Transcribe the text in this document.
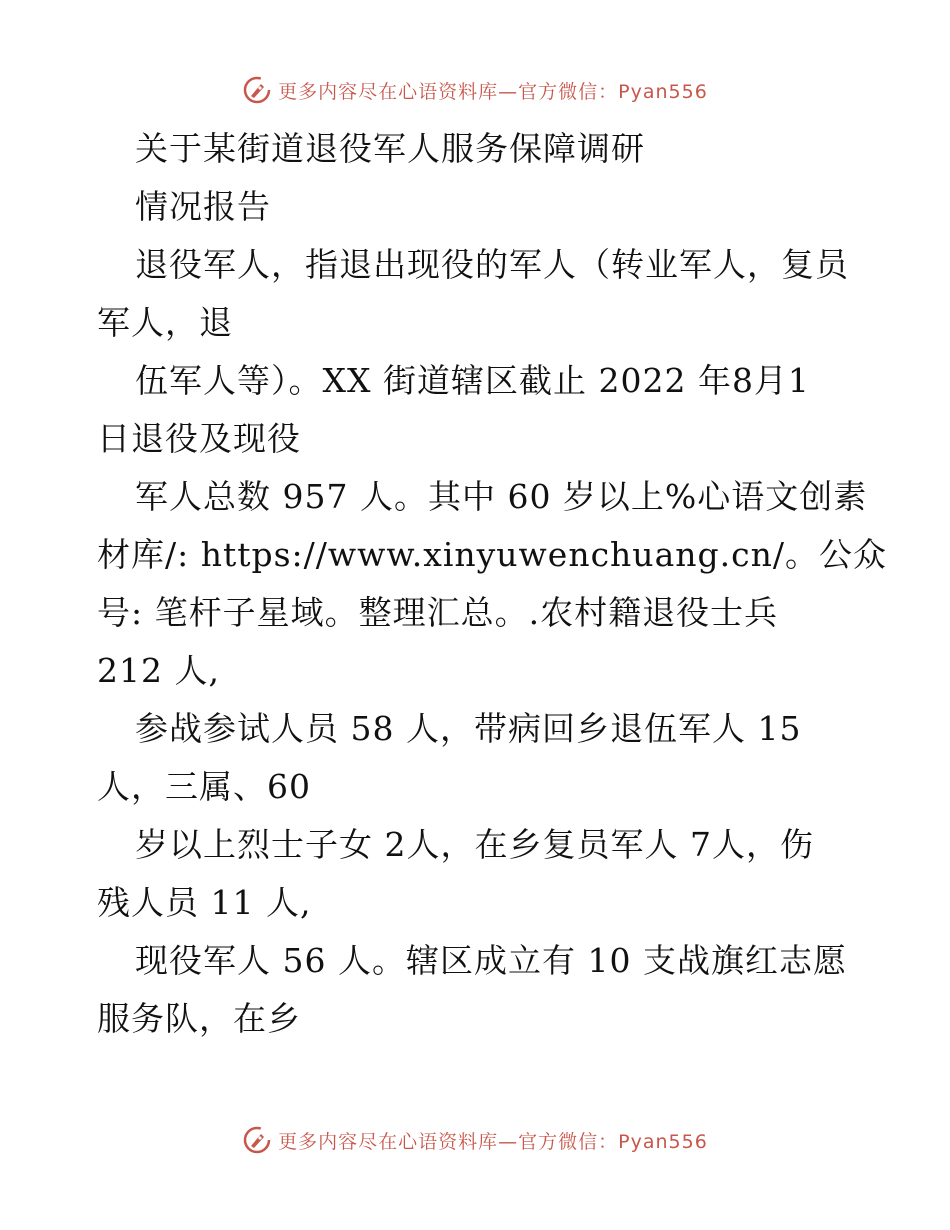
更多内容尽在心语资料库—官方微信：Pyan556
关于某街道退役军人服务保障调研
情况报告
退役军人，指退出现役的军人（转业军人，复员
军人，退
伍军人等）。XX 街道辖区截止 2022 年8月1
日退役及现役
军人总数 957 人。其中 60 岁以上%心语文创素
材库/: https://www.xinyuwenchuang.cn/。公众
号: 笔杆子星域。整理汇总。.农村籍退役士兵
212 人,
参战参试人员 58 人，带病回乡退伍军人 15
人，三属、60
岁以上烈士子女 2人，在乡复员军人 7人，伤
残人员 11 人,
现役军人 56 人。辖区成立有 10 支战旗红志愿
服务队，在乡
更多内容尽在心语资料库—官方微信：Pyan556
